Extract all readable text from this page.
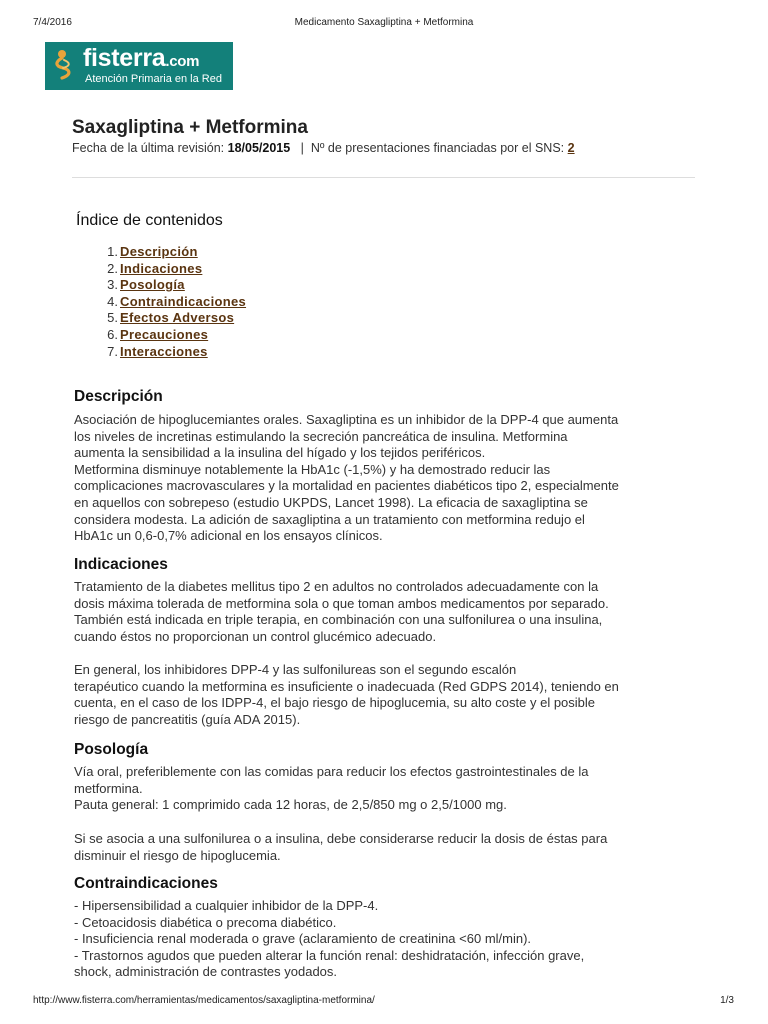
7/4/2016	Medicamento Saxagliptina + Metformina
fisterra.com
Atención Primaria en la Red
Saxagliptina + Metformina
Fecha de la última revisión: 18/05/2015 | Nº de presentaciones financiadas por el SNS: 2
Índice de contenidos
1. Descripción
2. Indicaciones
3. Posología
4. Contraindicaciones
5. Efectos Adversos
6. Precauciones
7. Interacciones
Descripción

Asociación de hipoglucemiantes orales. Saxagliptina es un inhibidor de la DPP-4 que aumenta
los niveles de incretinas estimulando la secreción pancreática de insulina. Metformina
aumenta la sensibilidad a la insulina del hígado y los tejidos periféricos.
Metformina disminuye notablemente la HbA1c (-1,5%) y ha demostrado reducir las
complicaciones macrovasculares y la mortalidad en pacientes diabéticos tipo 2, especialmente
en aquellos con sobrepeso (estudio UKPDS, Lancet 1998). La eficacia de saxagliptina se
considera modesta. La adición de saxagliptina a un tratamiento con metformina redujo el
HbA1c un 0,6-0,7% adicional en los ensayos clínicos.

Indicaciones

Tratamiento de la diabetes mellitus tipo 2 en adultos no controlados adecuadamente con la
dosis máxima tolerada de metformina sola o que toman ambos medicamentos por separado.
También está indicada en triple terapia, en combinación con una sulfonilurea o una insulina,
cuando éstos no proporcionan un control glucémico adecuado.

En general, los inhibidores DPP-4 y las sulfonilureas son el segundo escalón
terapéutico cuando la metformina es insuficiente o inadecuada (Red GDPS 2014), teniendo en
cuenta, en el caso de los IDPP-4, el bajo riesgo de hipoglucemia, su alto coste y el posible
riesgo de pancreatitis (guía ADA 2015).

Posología

Vía oral, preferiblemente con las comidas para reducir los efectos gastrointestinales de la
metformina.
Pauta general: 1 comprimido cada 12 horas, de 2,5/850 mg o 2,5/1000 mg.

Si se asocia a una sulfonilurea o a insulina, debe considerarse reducir la dosis de éstas para
disminuir el riesgo de hipoglucemia.

Contraindicaciones

- Hipersensibilidad a cualquier inhibidor de la DPP-4.
- Cetoacidosis diabética o precoma diabético.
- Insuficiencia renal moderada o grave (aclaramiento de creatinina <60 ml/min).
- Trastornos agudos que pueden alterar la función renal: deshidratación, infección grave,
shock, administración de contrastes yodados.

http://www.fisterra.com/herramientas/medicamentos/saxagliptina-metformina/	1/3
